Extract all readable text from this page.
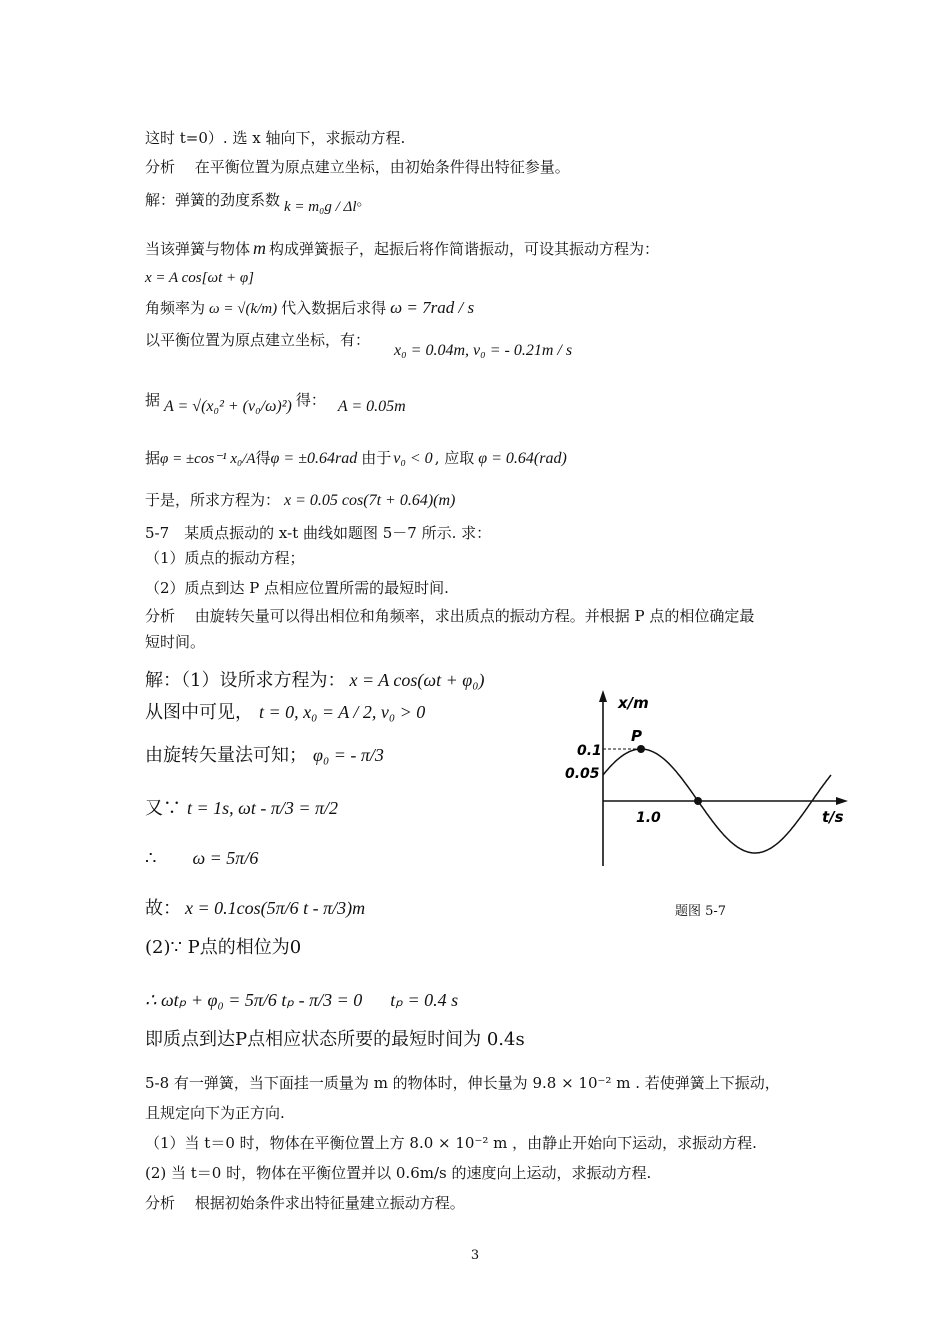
这时 t=0）. 选 x 轴向下，求振动方程.
分析　 在平衡位置为原点建立坐标，由初始条件得出特征参量。
解：弹簧的劲度系数 k = m₀g / Δl。
当该弹簧与物体 m 构成弹簧振子，起振后将作简谐振动，可设其振动方程为：
x = A cos[ωt + φ]
角频率为 ω = √(k/m) 代入数据后求得 ω = 7rad / s
以平衡位置为原点建立坐标，有：x₀ = 0.04m, v₀ = - 0.21m / s
据 A = √(x₀² + (v₀/ω)²) 得： A = 0.05m
据φ = ±cos⁻¹ x₀/A得φ = ±0.64rad 由于 v₀ < 0 , 应取 φ = 0.64(rad)
于是，所求方程为： x = 0.05 cos(7t + 0.64)(m)
5-7　某质点振动的 x-t 曲线如题图 5－7 所示. 求：
（1）质点的振动方程；
（2）质点到达 P 点相应位置所需的最短时间.
分析　 由旋转矢量可以得出相位和角频率，求出质点的振动方程。并根据 P 点的相位确定最
短时间。
解：（1）设所求方程为： x = A cos(ωt + φ₀)
从图中可见， t = 0, x₀ = A / 2, v₀ > 0
由旋转矢量法可知； φ₀ = - π/3
又∵ t = 1s, ωt - π/3 = π/2
∴ ω = 5π/6
故： x = 0.1cos(5π/6 t - π/3)m
(2)∵ P点的相位为0
∴ ωtₚ + φ₀ = 5π/6 tₚ - π/3 = 0 tₚ = 0.4 s
即质点到达P点相应状态所要的最短时间为 0.4s
5-8 有一弹簧，当下面挂一质量为 m 的物体时，伸长量为 9.8 × 10⁻² m . 若使弹簧上下振动，
且规定向下为正方向.
（1）当 t＝0 时，物体在平衡位置上方 8.0 × 10⁻² m ，由静止开始向下运动，求振动方程.
(2) 当 t＝0 时，物体在平衡位置并以 0.6m/s 的速度向上运动，求振动方程.
分析　 根据初始条件求出特征量建立振动方程。
x/m
t/s
0.1
0.05
1.0
P
题图 5-7
3
